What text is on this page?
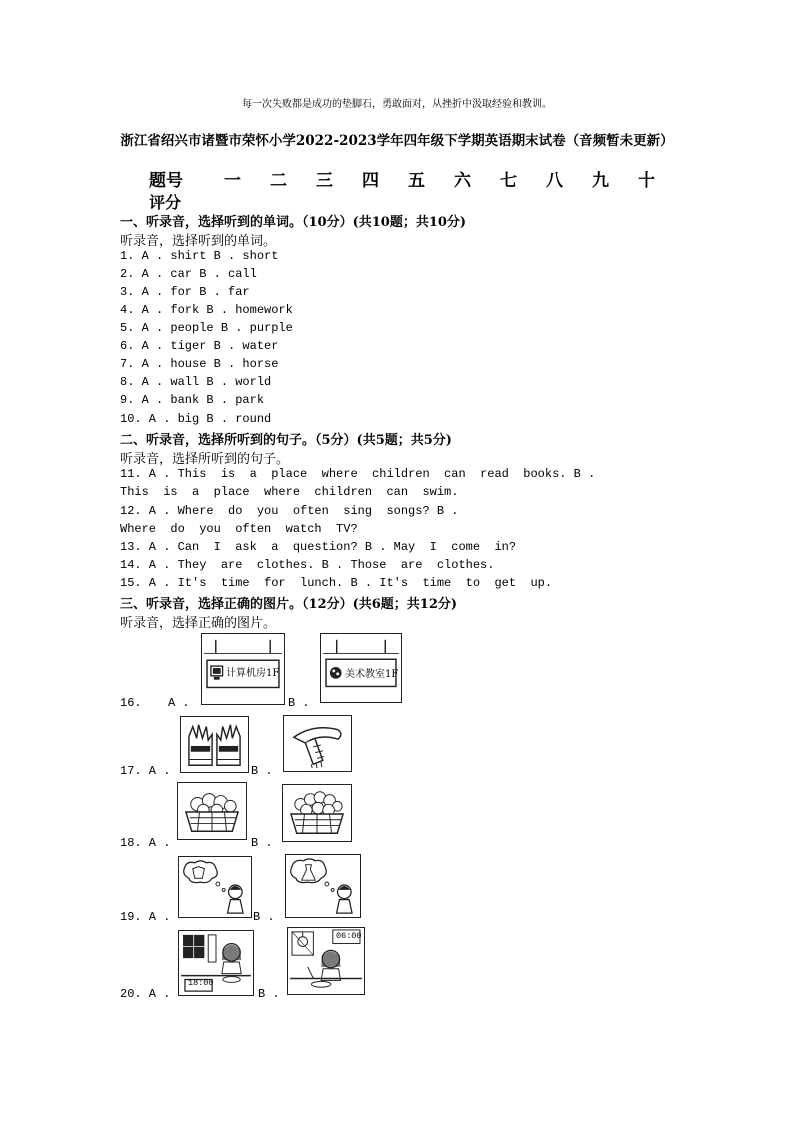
每一次失败都是成功的垫脚石，勇敢面对，从挫折中汲取经验和教训。
浙江省绍兴市诸暨市荣怀小学2022-2023学年四年级下学期英语期末试卷（音频暂未更新）
题号 一 二 三 四 五 六 七 八 九 十
评分
一、听录音，选择听到的单词。（10分）(共10题；共10分)
听录音，选择听到的单词。
1. A . shirt B . short
2. A . car B . call
3. A . for B . far
4. A . fork B . homework
5. A . people B . purple
6. A . tiger B . water
7. A . house B . horse
8. A . wall B . world
9. A . bank B . park
10. A . big B . round
二、听录音，选择所听到的句子。（5分）(共5题；共5分)
听录音，选择所听到的句子。
11. A . This  is  a  place  where  children  can  read  books. B .
This  is  a  place  where  children  can  swim.
12. A . Where  do  you  often  sing  songs? B .
Where  do  you  often  watch  TV?
13. A . Can  I  ask  a  question? B . May  I  come  in?
14. A . They  are  clothes. B . Those  are  clothes.
15. A . It's  time  for  lunch. B . It's  time  to  get  up.
三、听录音，选择正确的图片。（12分）(共6题；共12分)
听录音，选择正确的图片。
16. A .	B .
计算机房1F	美术教室1F
17. A .	B .
18. A .	B .
19. A .	B .
20. A .	B .
18:00
06:00
